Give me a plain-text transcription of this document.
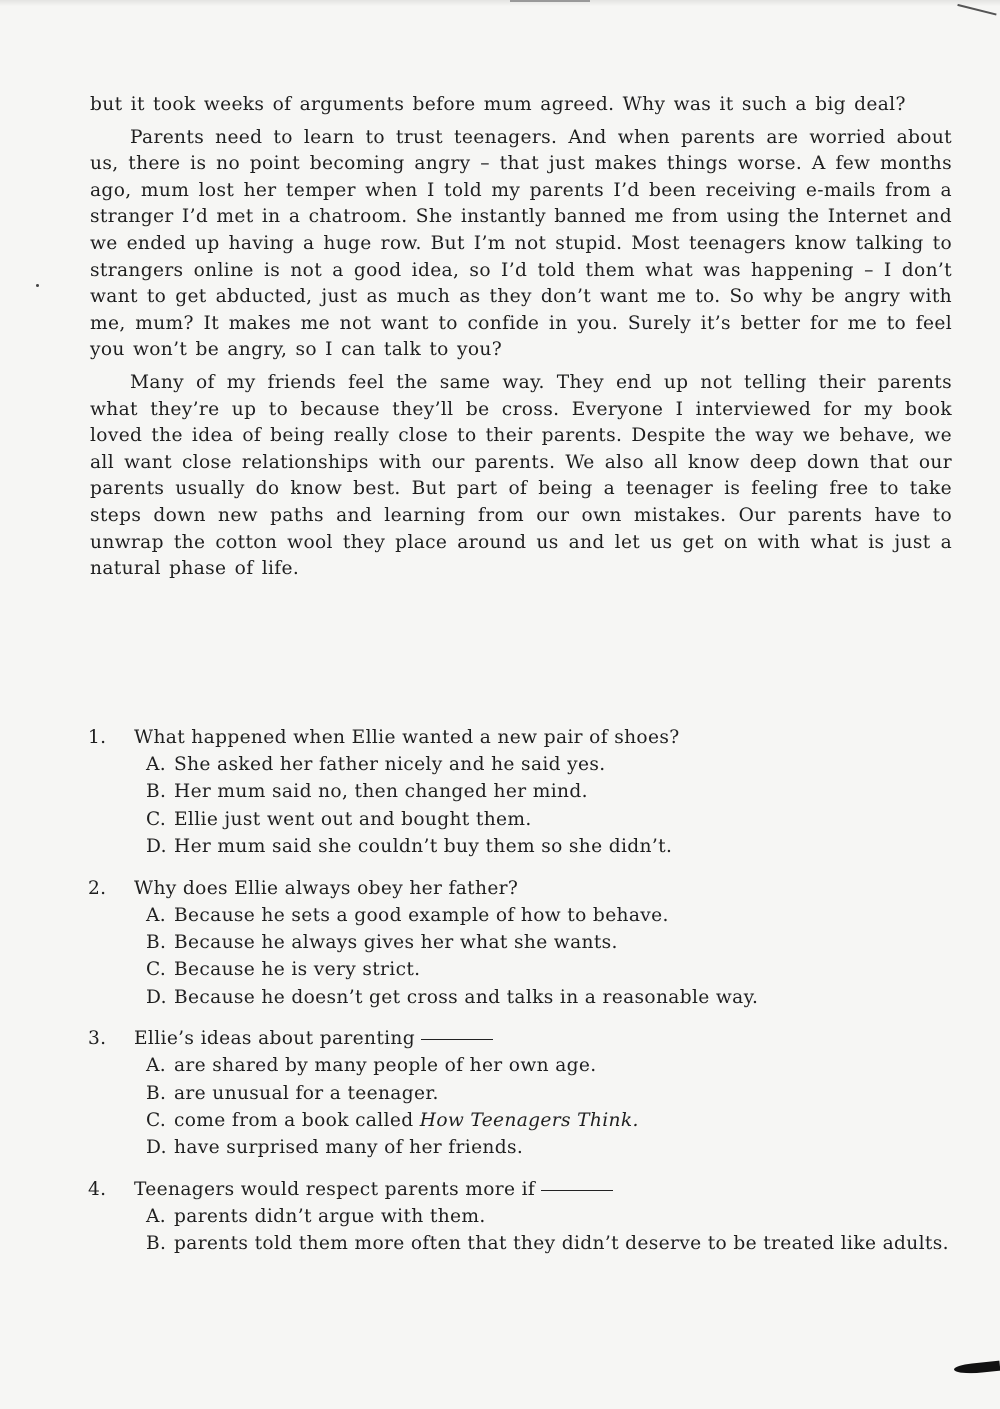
but it took weeks of arguments before mum agreed. Why was it such a big deal?

Parents need to learn to trust teenagers. And when parents are worried about us, there is no point becoming angry – that just makes things worse. A few months ago, mum lost her temper when I told my parents I’d been receiving e-mails from a stranger I’d met in a chatroom. She instantly banned me from using the Internet and we ended up having a huge row. But I’m not stupid. Most teenagers know talking to strangers online is not a good idea, so I’d told them what was happening – I don’t want to get abducted, just as much as they don’t want me to. So why be angry with me, mum? It makes me not want to confide in you. Surely it’s better for me to feel you won’t be angry, so I can talk to you?

Many of my friends feel the same way. They end up not telling their parents what they’re up to because they’ll be cross. Everyone I interviewed for my book loved the idea of being really close to their parents. Despite the way we behave, we all want close relationships with our parents. We also all know deep down that our parents usually do know best. But part of being a teenager is feeling free to take steps down new paths and learning from our own mistakes. Our parents have to unwrap the cotton wool they place around us and let us get on with what is just a natural phase of life.

1.	What happened when Ellie wanted a new pair of shoes?
A. She asked her father nicely and he said yes.
B. Her mum said no, then changed her mind.
C. Ellie just went out and bought them.
D. Her mum said she couldn’t buy them so she didn’t.
2.	Why does Ellie always obey her father?
A. Because he sets a good example of how to behave.
B. Because he always gives her what she wants.
C. Because he is very strict.
D. Because he doesn’t get cross and talks in a reasonable way.
3.	Ellie’s ideas about parenting
A. are shared by many people of her own age.
B. are unusual for a teenager.
C. come from a book called How Teenagers Think.
D. have surprised many of her friends.
4.	Teenagers would respect parents more if
A. parents didn’t argue with them.
B. parents told them more often that they didn’t deserve to be treated like adults.
